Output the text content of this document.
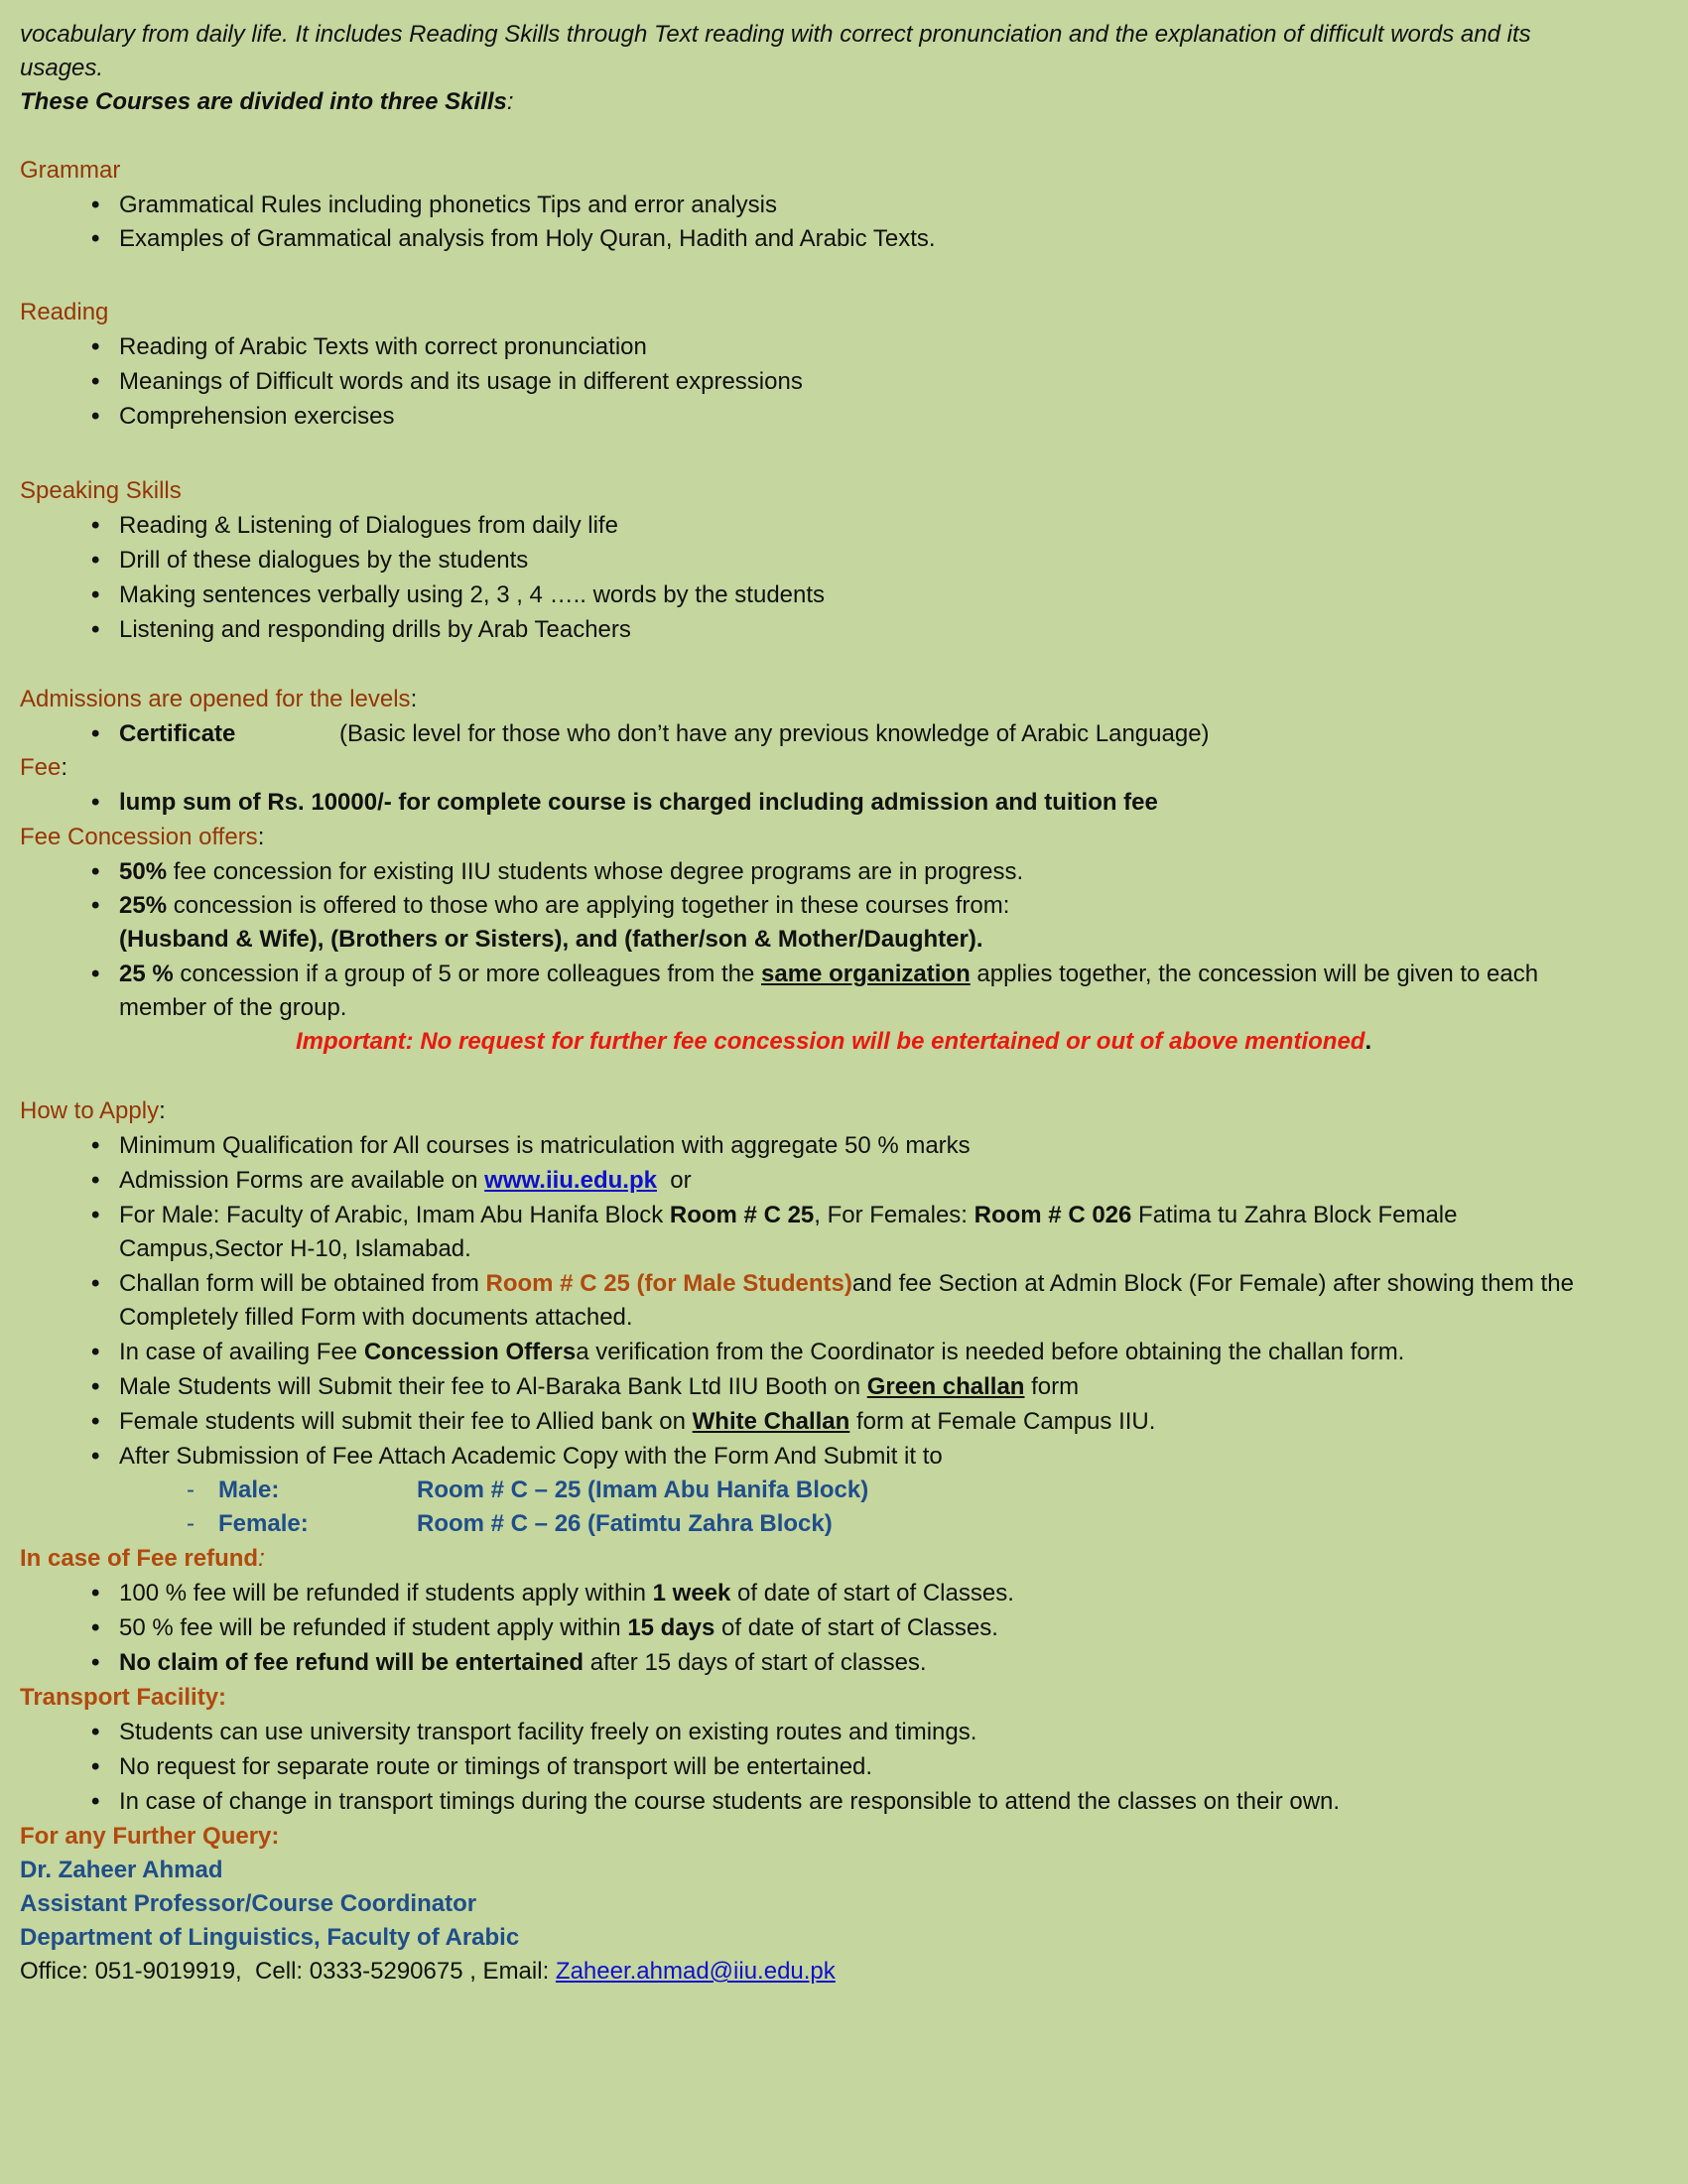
vocabulary from daily life. It includes Reading Skills through Text reading with correct pronunciation and the explanation of difficult words and its
usages.
These Courses are divided into three Skills:
Grammar
• Grammatical Rules including phonetics Tips and error analysis
• Examples of Grammatical analysis from Holy Quran, Hadith and Arabic Texts.
Reading
• Reading of Arabic Texts with correct pronunciation
• Meanings of Difficult words and its usage in different expressions
• Comprehension exercises
Speaking Skills
• Reading & Listening of Dialogues from daily life
• Drill of these dialogues by the students
• Making sentences verbally using 2, 3 , 4 ….. words by the students
• Listening and responding drills by Arab Teachers
Admissions are opened for the levels:
• Certificate	(Basic level for those who don’t have any previous knowledge of Arabic Language)
Fee:
• lump sum of Rs. 10000/- for complete course is charged including admission and tuition fee
Fee Concession offers:
• 50% fee concession for existing IIU students whose degree programs are in progress.
• 25% concession is offered to those who are applying together in these courses from:
(Husband & Wife), (Brothers or Sisters), and (father/son & Mother/Daughter).
• 25 % concession if a group of 5 or more colleagues from the same organization applies together, the concession will be given to each
member of the group.
Important: No request for further fee concession will be entertained or out of above mentioned.
How to Apply:
• Minimum Qualification for All courses is matriculation with aggregate 50 % marks
• Admission Forms are available on www.iiu.edu.pk  or
• For Male: Faculty of Arabic, Imam Abu Hanifa Block Room # C 25, For Females: Room # C 026 Fatima tu Zahra Block Female
Campus,Sector H-10, Islamabad.
• Challan form will be obtained from Room # C 25 (for Male Students)and fee Section at Admin Block (For Female) after showing them the
Completely filled Form with documents attached.
• In case of availing Fee Concession Offersa verification from the Coordinator is needed before obtaining the challan form.
• Male Students will Submit their fee to Al-Baraka Bank Ltd IIU Booth on Green challan form
• Female students will submit their fee to Allied bank on White Challan form at Female Campus IIU.
• After Submission of Fee Attach Academic Copy with the Form And Submit it to
- Male:	Room # C – 25 (Imam Abu Hanifa Block)
- Female:	Room # C – 26 (Fatimtu Zahra Block)
In case of Fee refund:
• 100 % fee will be refunded if students apply within 1 week of date of start of Classes.
• 50 % fee will be refunded if student apply within 15 days of date of start of Classes.
• No claim of fee refund will be entertained after 15 days of start of classes.
Transport Facility:
• Students can use university transport facility freely on existing routes and timings.
• No request for separate route or timings of transport will be entertained.
• In case of change in transport timings during the course students are responsible to attend the classes on their own.
For any Further Query:
Dr. Zaheer Ahmad
Assistant Professor/Course Coordinator
Department of Linguistics, Faculty of Arabic
Office: 051-9019919,  Cell: 0333-5290675 , Email: Zaheer.ahmad@iiu.edu.pk
